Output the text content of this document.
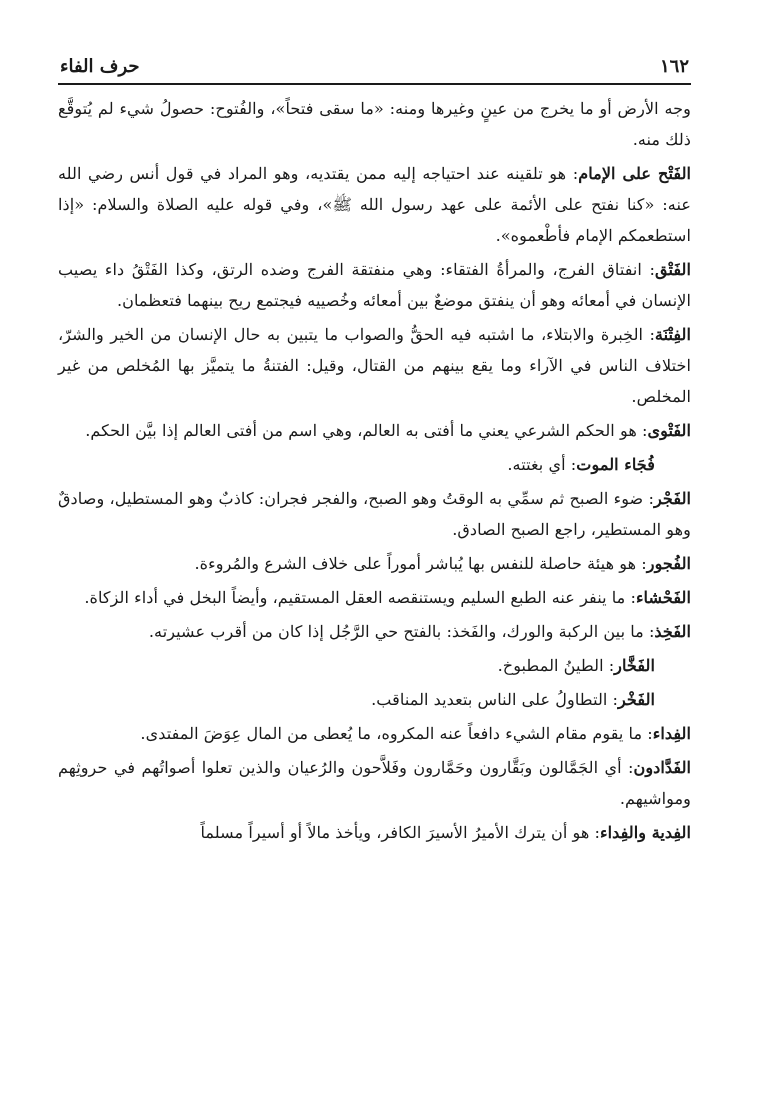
١٦٢
حرف الفاء

وجه الأرض أو ما يخرج من عينٍ وغيرها ومنه: «ما سقى فتحاً»، والفُتوح: حصولُ شيء لم يُتوقَّع ذلك منه.

الفَتْح على الإمام: هو تلقينه عند احتياجه إليه ممن يقتديه، وهو المراد في قول أنس رضي الله عنه: «كنا نفتح على الأئمة على عهد رسول الله ﷺ»، وفي قوله عليه الصلاة والسلام: «إذا استطعمكم الإمام فأطْعموه».

الفَتْق: انفتاق الفرج، والمرأةُ الفتقاء: وهي منفتقة الفرج وضده الرتق، وكذا الفَتْقُ داء يصيب الإنسان في أمعائه وهو أن ينفتق موضعٌ بين أمعائه وخُصييه فيجتمع ريح بينهما فتعظمان.

الفِتْنَة: الخِبرة والابتلاء، ما اشتبه فيه الحقُّ والصواب ما يتبين به حال الإنسان من الخير والشرّ، اختلاف الناس في الآراء وما يقع بينهم من القتال، وقيل: الفتنةُ ما يتميَّز بها المُخلص من غير المخلص.

الفَتْوى: هو الحكم الشرعي يعني ما أفتى به العالم، وهي اسم من أفتى العالم إذا بيَّن الحكم.

فُجَاء الموت: أي بغتته.

الفَجْر: ضوء الصبح ثم سمِّي به الوقتُ وهو الصبح، والفجر فجران: كاذبٌ وهو المستطيل، وصادقٌ وهو المستطير، راجع الصبح الصادق.

الفُجور: هو هيئة حاصلة للنفس بها يُباشر أموراً على خلاف الشرع والمُروءة.

الفَحْشاء: ما ينفر عنه الطبع السليم ويستنقصه العقل المستقيم، وأيضاً البخل في أداء الزكاة.

الفَخِذ: ما بين الركبة والورك، والفَخذ: بالفتح حي الرَّجُل إذا كان من أقرب عشيرته.

الفَخَّار: الطينُ المطبوخ.

الفَخْر: التطاولُ على الناس بتعديد المناقب.

الفِداء: ما يقوم مقام الشيء دافعاً عنه المكروه، ما يُعطى من المال عِوَضَ المفتدى.

الفَدَّادون: أي الجَمَّالون وبَقَّارون وحَمَّارون وفَلاَّحون والرُعيان والذين تعلوا أصواتُهم في حروثِهم ومواشيهم.

الفِدية والفِداء: هو أن يترك الأميرُ الأسيرَ الكافر، ويأخذ مالاً أو أسيراً مسلماً
